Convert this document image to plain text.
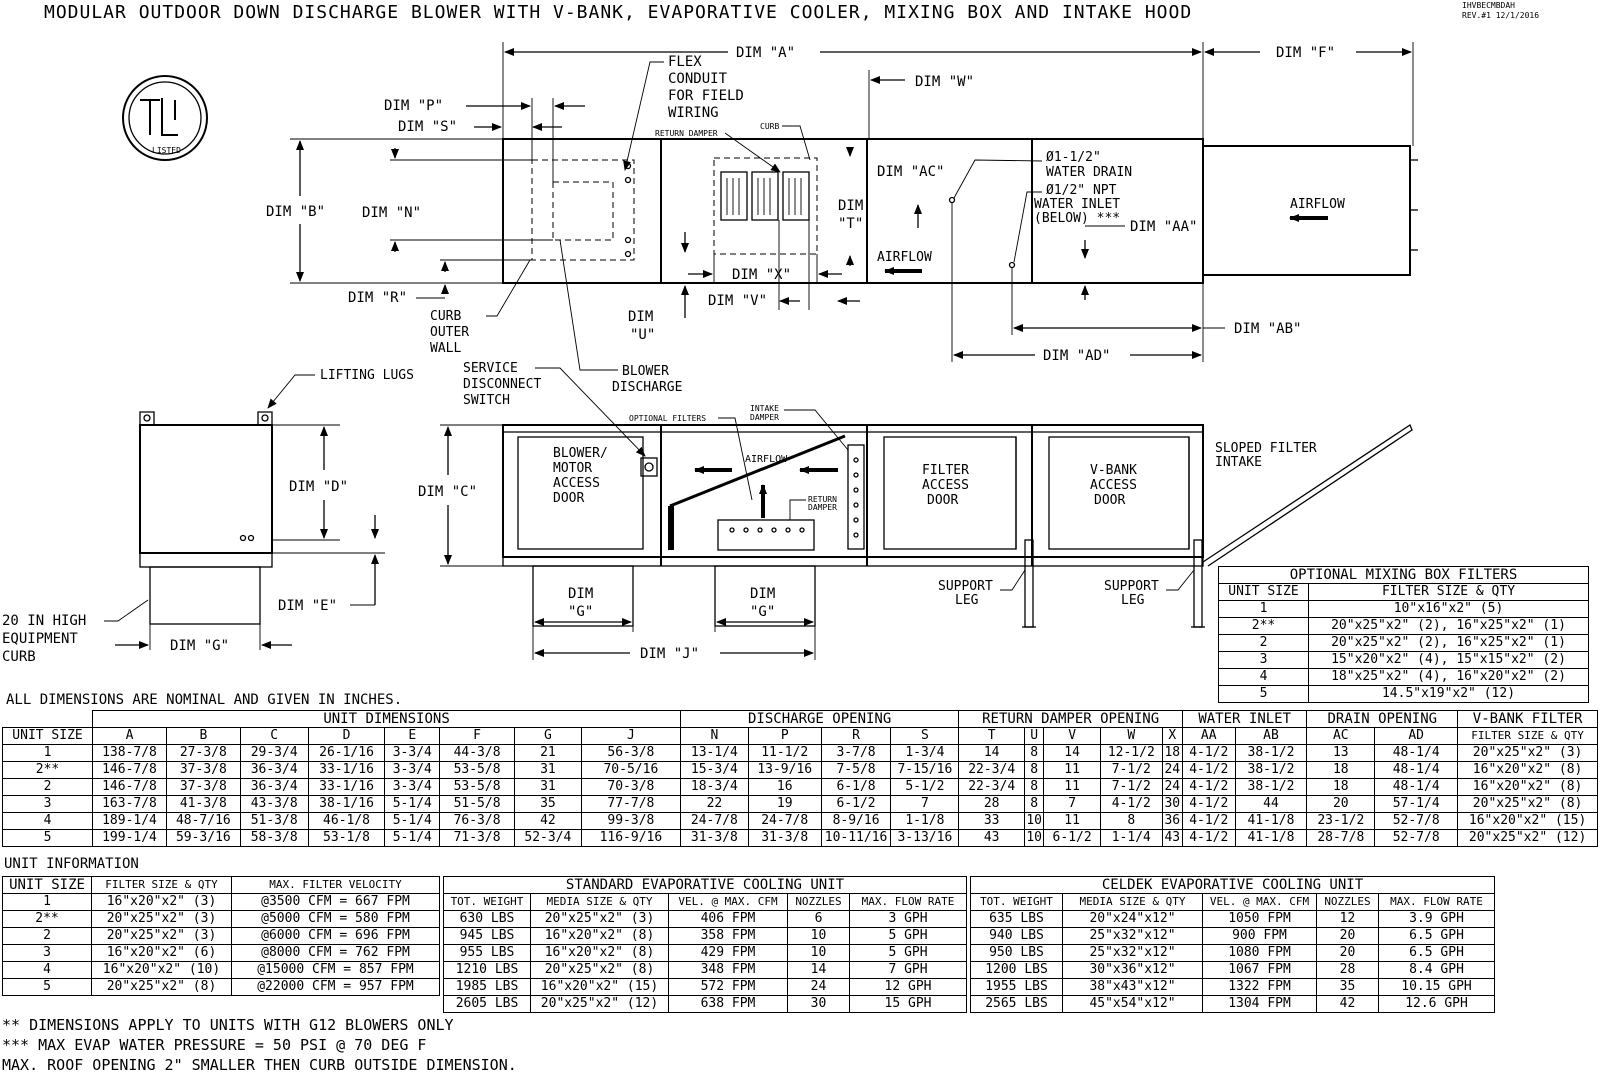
MODULAR OUTDOOR DOWN DISCHARGE BLOWER WITH V-BANK, EVAPORATIVE COOLER, MIXING BOX AND INTAKE HOOD	IHVBECMBDAH
REV.#1 12/1/2016
LISTED
DIM "A"	DIM "F"
DIM "W"
DIM "P"
DIM "S"
DIM "B"	DIM "N"
DIM "R"
DIM
"T"
DIM "X"
DIM "V"
DIM
"U"
DIM "AC"
DIM "AA"
DIM "AB"
DIM "AD"
FLEX
CONDUIT
FOR FIELD
WIRING
RETURN DAMPER
CURB
Ø1-1/2"
WATER DRAIN
Ø1/2" NPT
WATER INLET
(BELOW) ***
AIRFLOW
AIRFLOW
CURB
OUTER
WALL
BLOWER
DISCHARGE
LIFTING LUGS
DIM "D"
DIM "E"
DIM "G"
20 IN HIGH
EQUIPMENT
CURB
BLOWER/
MOTOR
ACCESS
DOOR
FILTER
ACCESS
DOOR
V-BANK
ACCESS
DOOR
AIRFLOW
OPTIONAL FILTERS
INTAKE
DAMPER
RETURN
DAMPER
SERVICE
DISCONNECT
SWITCH
SLOPED FILTER
INTAKE
SUPPORT
LEG
SUPPORT
LEG
DIM "C"
DIM
"G"
DIM
"G"
DIM "J"
OPTIONAL MIXING BOX FILTERS	
UNIT SIZE	FILTER SIZE & QTY
1	10"x16"x2" (5)
2**	20"x25"x2" (2), 16"x25"x2" (1)
2	20"x25"x2" (2), 16"x25"x2" (1)
3	15"x20"x2" (4), 15"x15"x2" (2)
4	18"x25"x2" (4), 16"x20"x2" (2)
5	14.5"x19"x2" (12)
ALL DIMENSIONS ARE NOMINAL AND GIVEN IN INCHES.
	UNIT DIMENSIONS								DISCHARGE OPENING				RETURN DAMPER OPENING					WATER INLET		DRAIN OPENING		V-BANK FILTER
UNIT SIZE	A	B	C	D	E	F	G	J	N	P	R	S	T	U	V	W	X	AA	AB	AC	AD	FILTER SIZE & QTY
1	138-7/8	27-3/8	29-3/4	26-1/16	3-3/4	44-3/8	21	56-3/8	13-1/4	11-1/2	3-7/8	1-3/4	14	8	14	12-1/2	18	4-1/2	38-1/2	13	48-1/4	20"x25"x2" (3)
2**	146-7/8	37-3/8	36-3/4	33-1/16	3-3/4	53-5/8	31	70-5/16	15-3/4	13-9/16	7-5/8	7-15/16	22-3/4	8	11	7-1/2	24	4-1/2	38-1/2	18	48-1/4	16"x20"x2" (8)
2	146-7/8	37-3/8	36-3/4	33-1/16	3-3/4	53-5/8	31	70-3/8	18-3/4	16	6-1/8	5-1/2	22-3/4	8	11	7-1/2	24	4-1/2	38-1/2	18	48-1/4	16"x20"x2" (8)
3	163-7/8	41-3/8	43-3/8	38-1/16	5-1/4	51-5/8	35	77-7/8	22	19	6-1/2	7	28	8	7	4-1/2	30	4-1/2	44	20	57-1/4	20"x25"x2" (8)
4	189-1/4	48-7/16	51-3/8	46-1/8	5-1/4	76-3/8	42	99-3/8	24-7/8	24-7/8	8-9/16	1-1/8	33	10	11	8	36	4-1/2	41-1/8	23-1/2	52-7/8	16"x20"x2" (15)
5	199-1/4	59-3/16	58-3/8	53-1/8	5-1/4	71-3/8	52-3/4	116-9/16	31-3/8	31-3/8	10-11/16	3-13/16	43	10	6-1/2	1-1/4	43	4-1/2	41-1/8	28-7/8	52-7/8	20"x25"x2" (12)
UNIT INFORMATION
UNIT SIZE	FILTER SIZE & QTY	MAX. FILTER VELOCITY

1	16"x20"x2" (3)	@3500 CFM = 667 FPM
2**	20"x25"x2" (3)	@5000 CFM = 580 FPM
2	20"x25"x2" (3)	@6000 CFM = 696 FPM
3	16"x20"x2" (6)	@8000 CFM = 762 FPM
4	16"x20"x2" (10)	@15000 CFM = 857 FPM
5	20"x25"x2" (8)	@22000 CFM = 957 FPM
STANDARD EVAPORATIVE COOLING UNIT				
TOT. WEIGHT	MEDIA SIZE & QTY	VEL. @ MAX. CFM	NOZZLES	MAX. FLOW RATE
630 LBS	20"x25"x2" (3)	406 FPM	6	3 GPH
945 LBS	16"x20"x2" (8)	358 FPM	10	5 GPH
955 LBS	16"x20"x2" (8)	429 FPM	10	5 GPH
1210 LBS	20"x25"x2" (8)	348 FPM	14	7 GPH
1985 LBS	16"x20"x2" (15)	572 FPM	24	12 GPH
2605 LBS	20"x25"x2" (12)	638 FPM	30	15 GPH
CELDEK EVAPORATIVE COOLING UNIT				
TOT. WEIGHT	MEDIA SIZE & QTY	VEL. @ MAX. CFM	NOZZLES	MAX. FLOW RATE
635 LBS	20"x24"x12"	1050 FPM	12	3.9 GPH
940 LBS	25"x32"x12"	900 FPM	20	6.5 GPH
950 LBS	25"x32"x12"	1080 FPM	20	6.5 GPH
1200 LBS	30"x36"x12"	1067 FPM	28	8.4 GPH
1955 LBS	38"x43"x12"	1322 FPM	35	10.15 GPH
2565 LBS	45"x54"x12"	1304 FPM	42	12.6 GPH
** DIMENSIONS APPLY TO UNITS WITH G12 BLOWERS ONLY
*** MAX EVAP WATER PRESSURE = 50 PSI @ 70 DEG F
MAX. ROOF OPENING 2" SMALLER THEN CURB OUTSIDE DIMENSION.
